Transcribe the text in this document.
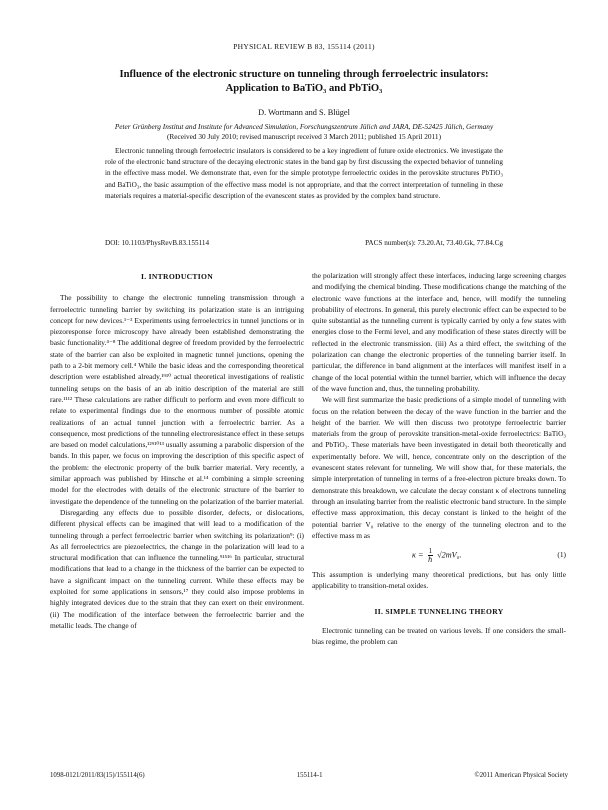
PHYSICAL REVIEW B 83, 155114 (2011)
Influence of the electronic structure on tunneling through ferroelectric insulators:
Application to BaTiO₃ and PbTiO₃
D. Wortmann and S. Blügel
Peter Grünberg Institut and Institute for Advanced Simulation, Forschungszentrum Jülich and JARA, DE-52425 Jülich, Germany
(Received 30 July 2010; revised manuscript received 3 March 2011; published 15 April 2011)

Electronic tunneling through ferroelectric insulators is considered to be a key ingredient of future oxide electronics. We investigate the role of the electronic band structure of the decaying electronic states in the band gap by first discussing the expected behavior of tunneling in the effective mass model. We demonstrate that, even for the simple prototype ferroelectric oxides in the perovskite structures PbTiO₃ and BaTiO₃, the basic assumption of the effective mass model is not appropriate, and that the correct interpretation of tunneling in these materials requires a material-specific description of the evanescent states as provided by the complex band structure.

DOI: 10.1103/PhysRevB.83.155114	PACS number(s): 73.20.At, 73.40.Gk, 77.84.Cg
I. INTRODUCTION

The possibility to change the electronic tunneling transmission through a ferroelectric tunneling barrier by switching its polarization state is an intriguing concept for new devices.¹⁻³ Experiments using ferroelectrics in tunnel junctions or in piezoresponse force microscopy have already been established demonstrating the basic functionality.⁴⁻⁸ The additional degree of freedom provided by the ferroelectric state of the barrier can also be exploited in magnetic tunnel junctions, opening the path to a 2-bit memory cell.⁴ While the basic ideas and the corresponding theoretical description were established already,¹⁹¹⁰ actual theoretical investigations of realistic tunneling setups on the basis of an ab initio description of the material are still rare.¹¹¹² These calculations are rather difficult to perform and even more difficult to relate to experimental findings due to the enormous number of possible atomic realizations of an actual tunnel junction with a ferroelectric barrier. As a consequence, most predictions of the tunneling electroresistance effect in these setups are based on model calculations,¹²⁹¹⁰¹³ usually assuming a parabolic dispersion of the bands. In this paper, we focus on improving the description of this specific aspect of the problem: the electronic property of the bulk barrier material. Very recently, a similar approach was published by Hinsche et al.¹⁴ combining a simple screening model for the electrodes with details of the electronic structure of the barrier to investigate the dependence of the tunneling on the polarization of the barrier material.

Disregarding any effects due to possible disorder, defects, or dislocations, different physical effects can be imagined that will lead to a modification of the tunneling through a perfect ferroelectric barrier when switching its polarization⁹: (i) As all ferroelectrics are piezoelectrics, the change in the polarization will lead to a structural modification that can influence the tunneling.⁹¹⁵¹⁶ In particular, structural modifications that lead to a change in the thickness of the barrier can be expected to have a significant impact on the tunneling current. While these effects may be exploited for some applications in sensors,¹⁷ they could also impose problems in highly integrated devices due to the strain that they can exert on their environment. (ii) The modification of the interface between the ferroelectric barrier and the metallic leads. The change of

the polarization will strongly affect these interfaces, inducing large screening charges and modifying the chemical binding. These modifications change the matching of the electronic wave functions at the interface and, hence, will modify the tunneling probability of electrons. In general, this purely electronic effect can be expected to be quite substantial as the tunneling current is typically carried by only a few states with energies close to the Fermi level, and any modification of these states directly will be reflected in the electronic transmission. (iii) As a third effect, the switching of the polarization can change the electronic properties of the tunneling barrier itself. In particular, the difference in band alignment at the interfaces will manifest itself in a change of the local potential within the tunnel barrier, which will influence the decay of the wave function and, thus, the tunneling probability.

We will first summarize the basic predictions of a simple model of tunneling with focus on the relation between the decay of the wave function in the barrier and the height of the barrier. We will then discuss two prototype ferroelectric barrier materials from the group of perovskite transition-metal-oxide ferroelectrics: BaTiO₃ and PbTiO₃. These materials have been investigated in detail both theoretically and experimentally before. We will, hence, concentrate only on the description of the evanescent states relevant for tunneling. We will show that, for these materials, the simple interpretation of tunneling in terms of a free-electron picture breaks down. To demonstrate this breakdown, we calculate the decay constant κ of electrons tunneling through an insulating barrier from the realistic electronic band structure. In the simple effective mass approximation, this decay constant is linked to the height of the potential barrier V₀ relative to the energy of the tunneling electron and to the effective mass m as

$\kappa = \frac{1}{\text{ℏ}} √2mV_0$.	(1)

This assumption is underlying many theoretical predictions, but has only little applicability to transition-metal oxides.

II. SIMPLE TUNNELING THEORY

Electronic tunneling can be treated on various levels. If one considers the small-bias regime, the problem can

1098-0121/2011/83(15)/155114(6)	155114-1	©2011 American Physical Society
